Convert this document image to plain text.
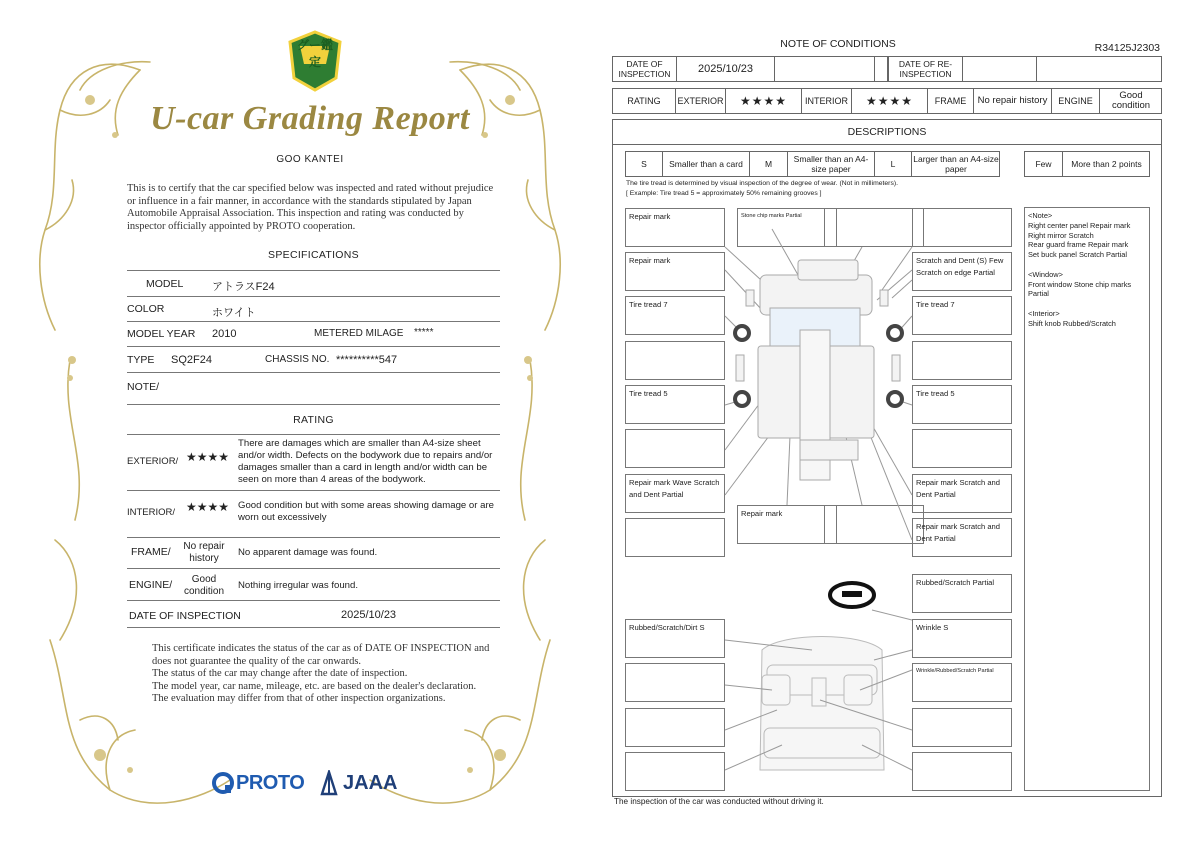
グー鑑定
U-car Grading Report
GOO KANTEI
This is to certify that the car specified below was inspected and rated without prejudice or influence in a fair manner, in accordance with the standards stipulated by Japan Automobile Appraisal Association. This inspection and rating was conducted by inspector officially appointed by PROTO cooperation.
SPECIFICATIONS
MODEL	アトラスF24
COLOR	ホワイト
MODEL YEAR 2010	METERED MILAGE *****
TYPE SQ2F24	CHASSIS NO. **********547
NOTE/
RATING
EXTERIOR/ ★★★★
There are damages which are smaller than A4-size sheet and/or width. Defects on the bodywork due to repairs and/or damages smaller than a card in length and/or width can be seen on more than 4 areas of the bodywork.
INTERIOR/ ★★★★ Good condition but with some areas showing damage or are worn out excessively
FRAME/	No repair history
No apparent damage was found.
ENGINE/	Good condition
Nothing irregular was found.
DATE OF INSPECTION	2025/10/23
This certificate indicates the status of the car as of DATE OF INSPECTION and does not guarantee the quality of the car onwards.
The status of the car may change after the date of inspection.
The model year, car name, mileage, etc. are based on the dealer's declaration.
The evaluation may differ from that of other inspection organizations.
PROTO JAAA
NOTE OF CONDITIONS	R34125J2303
DATE OF INSPECTION	2025/10/23	DATE OF RE-INSPECTION
RATING	EXTERIOR	★★★★	INTERIOR	★★★★	FRAME	No repair history	ENGINE	Good condition
DESCRIPTIONS
S	Smaller than a card	M	Smaller than an A4-size paper	L	Larger than an A4-size paper	Few	More than 2 points
The tire tread is determined by visual inspection of the degree of wear. (Not in millimeters).
[ Example: Tire tread 5 = approximately 50% remaining grooves ]
Repair mark	Stone chip marks Partial
Repair mark	Scratch and Dent (S) Few Scratch on edge Partial
Tire tread 7	Tire tread 7
Tire tread 5	Tire tread 5
Repair mark Wave Scratch and Dent Partial
Repair mark Scratch and Dent Partial
Repair mark
Repair mark Scratch and Dent Partial
Rubbed/Scratch Partial
Rubbed/Scratch/Dirt S	Wrinkle S
Wrinkle/Rubbed/Scratch Partial
<Note>
Right center panel Repair mark
Right mirror Scratch
Rear guard frame Repair mark
Set buck panel Scratch Partial

<Window>
Front window Stone chip marks Partial

<Interior>
Shift knob Rubbed/Scratch
The inspection of the car was conducted without driving it.
